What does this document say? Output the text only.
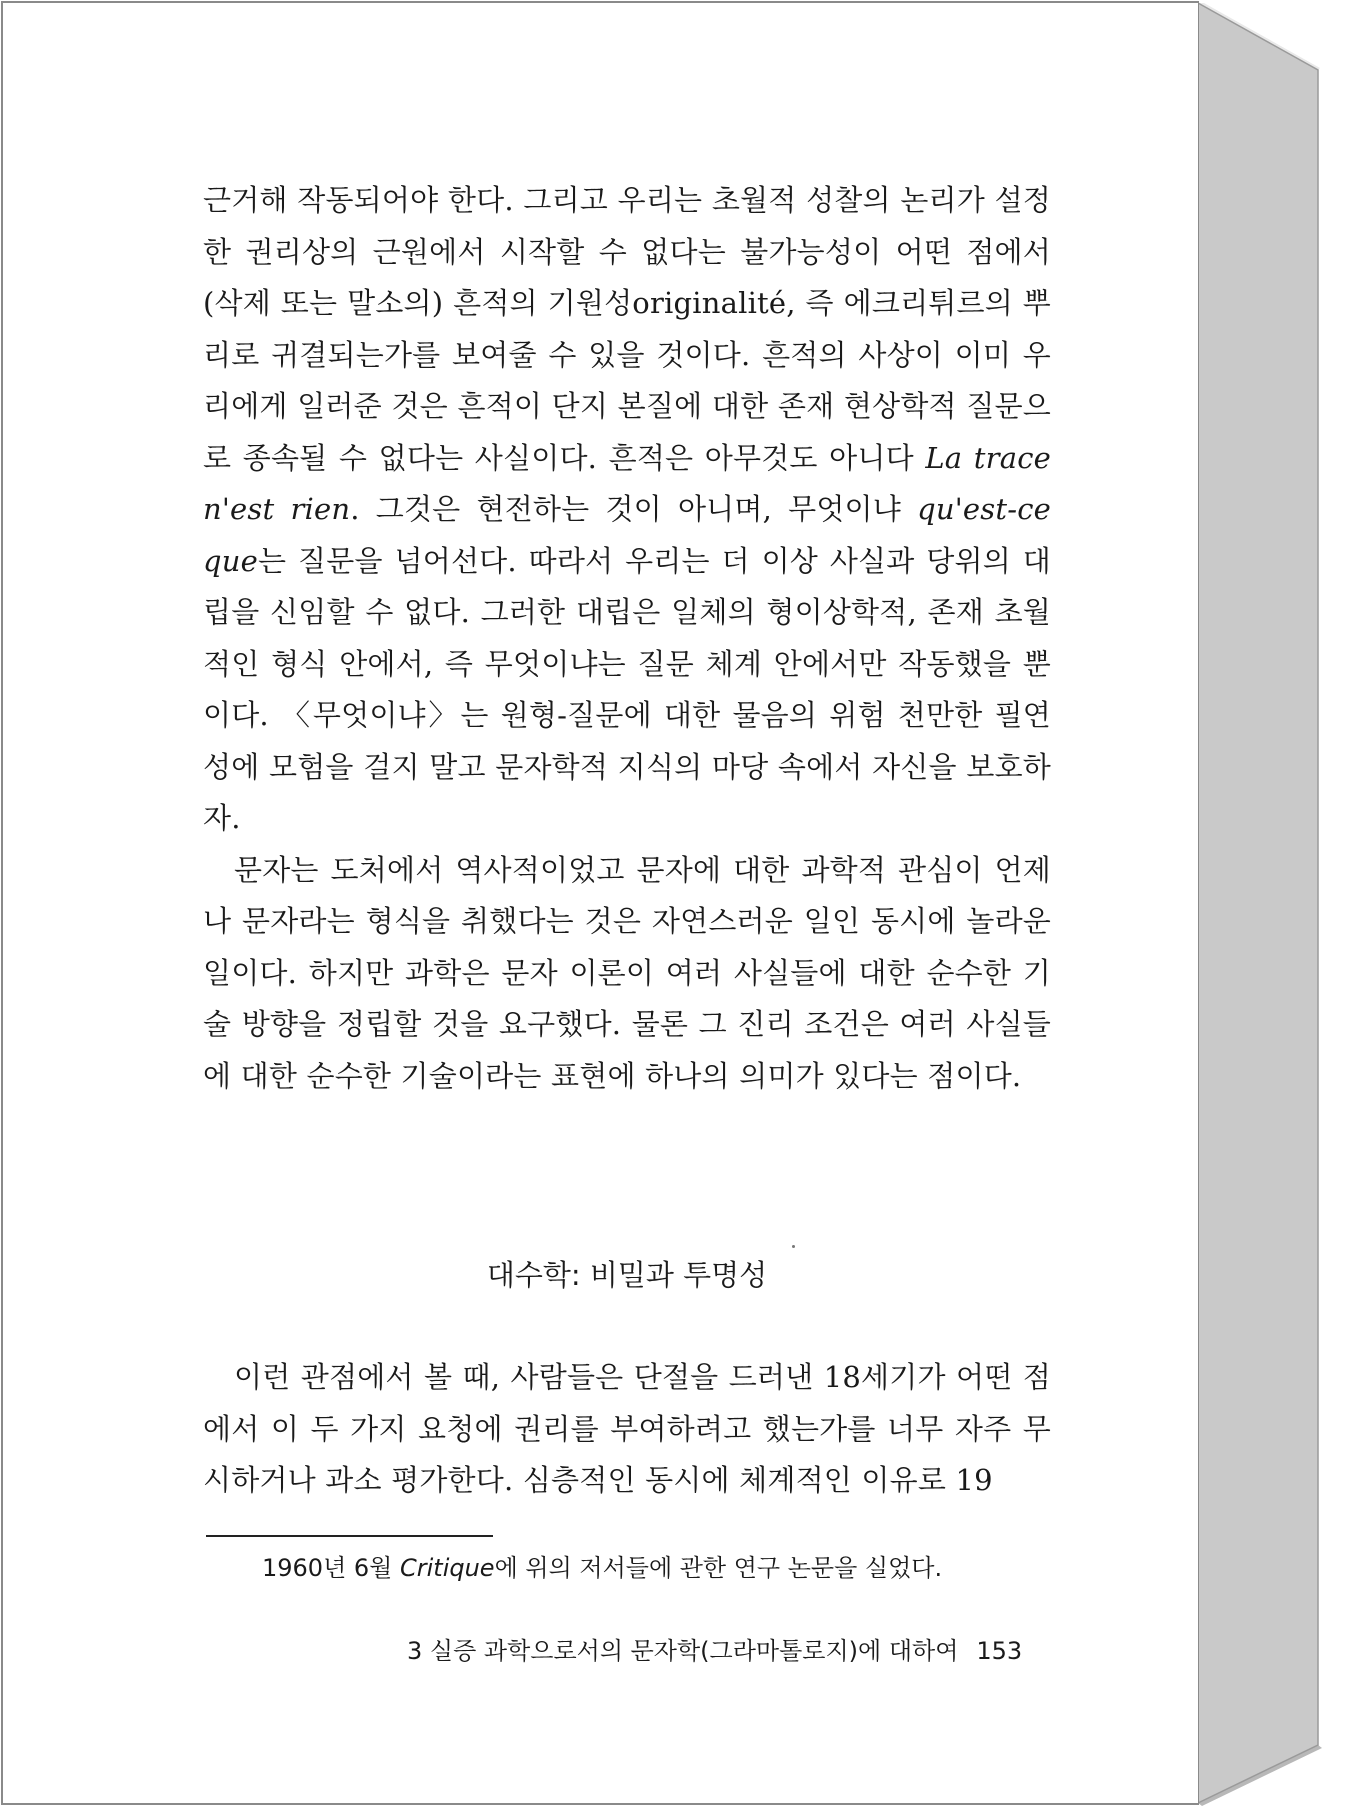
근거해 작동되어야 한다. 그리고 우리는 초월적 성찰의 논리가 설정한 권리상의 근원에서 시작할 수 없다는 불가능성이 어떤 점에서 (삭제 또는 말소의) 흔적의 기원성originalité, 즉 에크리튀르의 뿌리로 귀결되는가를 보여줄 수 있을 것이다. 흔적의 사상이 이미 우리에게 일러준 것은 흔적이 단지 본질에 대한 존재 현상학적 질문으로 종속될 수 없다는 사실이다. 흔적은 아무것도 아니다 La trace n'est rien. 그것은 현전하는 것이 아니며, 무엇이냐 qu'est-ce que는 질문을 넘어선다. 따라서 우리는 더 이상 사실과 당위의 대립을 신임할 수 없다. 그러한 대립은 일체의 형이상학적, 존재 초월적인 형식 안에서, 즉 무엇이냐는 질문 체계 안에서만 작동했을 뿐이다. 〈무엇이냐〉는 원형-질문에 대한 물음의 위험 천만한 필연성에 모험을 걸지 말고 문자학적 지식의 마당 속에서 자신을 보호하자.

문자는 도처에서 역사적이었고 문자에 대한 과학적 관심이 언제나 문자라는 형식을 취했다는 것은 자연스러운 일인 동시에 놀라운 일이다. 하지만 과학은 문자 이론이 여러 사실들에 대한 순수한 기술 방향을 정립할 것을 요구했다. 물론 그 진리 조건은 여러 사실들에 대한 순수한 기술이라는 표현에 하나의 의미가 있다는 점이다.

대수학: 비밀과 투명성

이런 관점에서 볼 때, 사람들은 단절을 드러낸 18세기가 어떤 점에서 이 두 가지 요청에 권리를 부여하려고 했는가를 너무 자주 무시하거나 과소 평가한다. 심층적인 동시에 체계적인 이유로 19

1960년 6월 Critique에 위의 저서들에 관한 연구 논문을 실었다.
3 실증 과학으로서의 문자학(그라마톨로지)에 대하여 153
